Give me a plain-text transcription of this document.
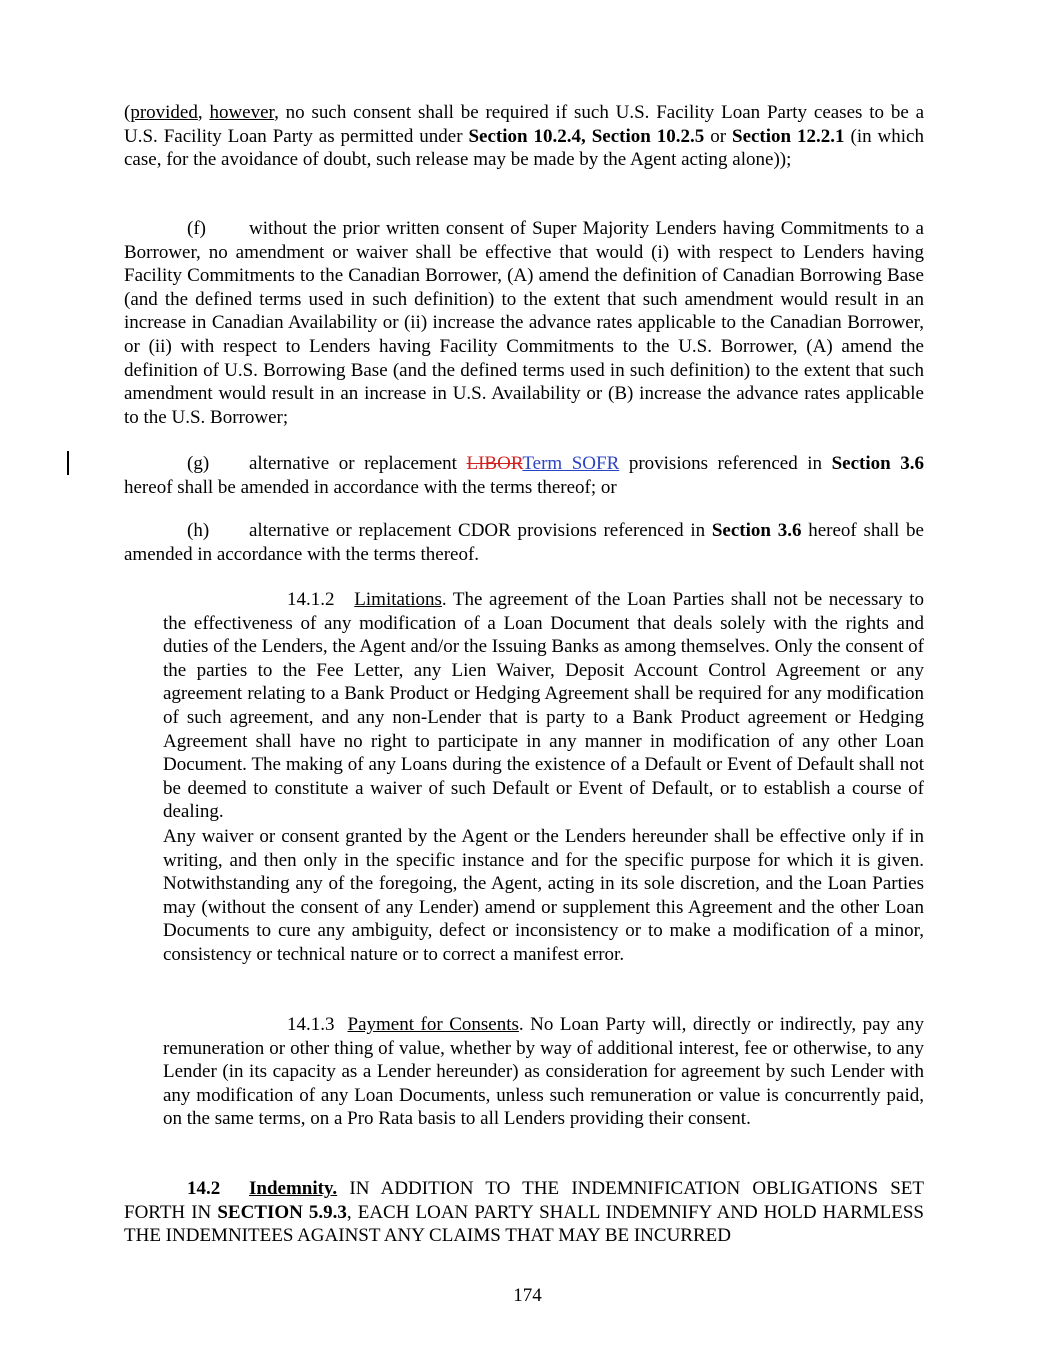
(provided, however, no such consent shall be required if such U.S. Facility Loan Party ceases to be a U.S. Facility Loan Party as permitted under Section 10.2.4, Section 10.2.5 or Section 12.2.1 (in which case, for the avoidance of doubt, such release may be made by the Agent acting alone));

(f) without the prior written consent of Super Majority Lenders having Commitments to a Borrower, no amendment or waiver shall be effective that would (i) with respect to Lenders having Facility Commitments to the Canadian Borrower, (A) amend the definition of Canadian Borrowing Base (and the defined terms used in such definition) to the extent that such amendment would result in an increase in Canadian Availability or (ii) increase the advance rates applicable to the Canadian Borrower, or (ii) with respect to Lenders having Facility Commitments to the U.S. Borrower, (A) amend the definition of U.S. Borrowing Base (and the defined terms used in such definition) to the extent that such amendment would result in an increase in U.S. Availability or (B) increase the advance rates applicable to the U.S. Borrower;

(g) alternative or replacement LIBORTerm SOFR provisions referenced in Section 3.6 hereof shall be amended in accordance with the terms thereof; or

(h) alternative or replacement CDOR provisions referenced in Section 3.6 hereof shall be amended in accordance with the terms thereof.

14.1.2 Limitations. The agreement of the Loan Parties shall not be necessary to the effectiveness of any modification of a Loan Document that deals solely with the rights and duties of the Lenders, the Agent and/or the Issuing Banks as among themselves. Only the consent of the parties to the Fee Letter, any Lien Waiver, Deposit Account Control Agreement or any agreement relating to a Bank Product or Hedging Agreement shall be required for any modification of such agreement, and any non-Lender that is party to a Bank Product agreement or Hedging Agreement shall have no right to participate in any manner in modification of any other Loan Document. The making of any Loans during the existence of a Default or Event of Default shall not be deemed to constitute a waiver of such Default or Event of Default, or to establish a course of dealing.

Any waiver or consent granted by the Agent or the Lenders hereunder shall be effective only if in writing, and then only in the specific instance and for the specific purpose for which it is given. Notwithstanding any of the foregoing, the Agent, acting in its sole discretion, and the Loan Parties may (without the consent of any Lender) amend or supplement this Agreement and the other Loan Documents to cure any ambiguity, defect or inconsistency or to make a modification of a minor, consistency or technical nature or to correct a manifest error.

14.1.3 Payment for Consents. No Loan Party will, directly or indirectly, pay any remuneration or other thing of value, whether by way of additional interest, fee or otherwise, to any Lender (in its capacity as a Lender hereunder) as consideration for agreement by such Lender with any modification of any Loan Documents, unless such remuneration or value is concurrently paid, on the same terms, on a Pro Rata basis to all Lenders providing their consent.

14.2 Indemnity. IN ADDITION TO THE INDEMNIFICATION OBLIGATIONS SET FORTH IN SECTION 5.9.3, EACH LOAN PARTY SHALL INDEMNIFY AND HOLD HARMLESS THE INDEMNITEES AGAINST ANY CLAIMS THAT MAY BE INCURRED

174
